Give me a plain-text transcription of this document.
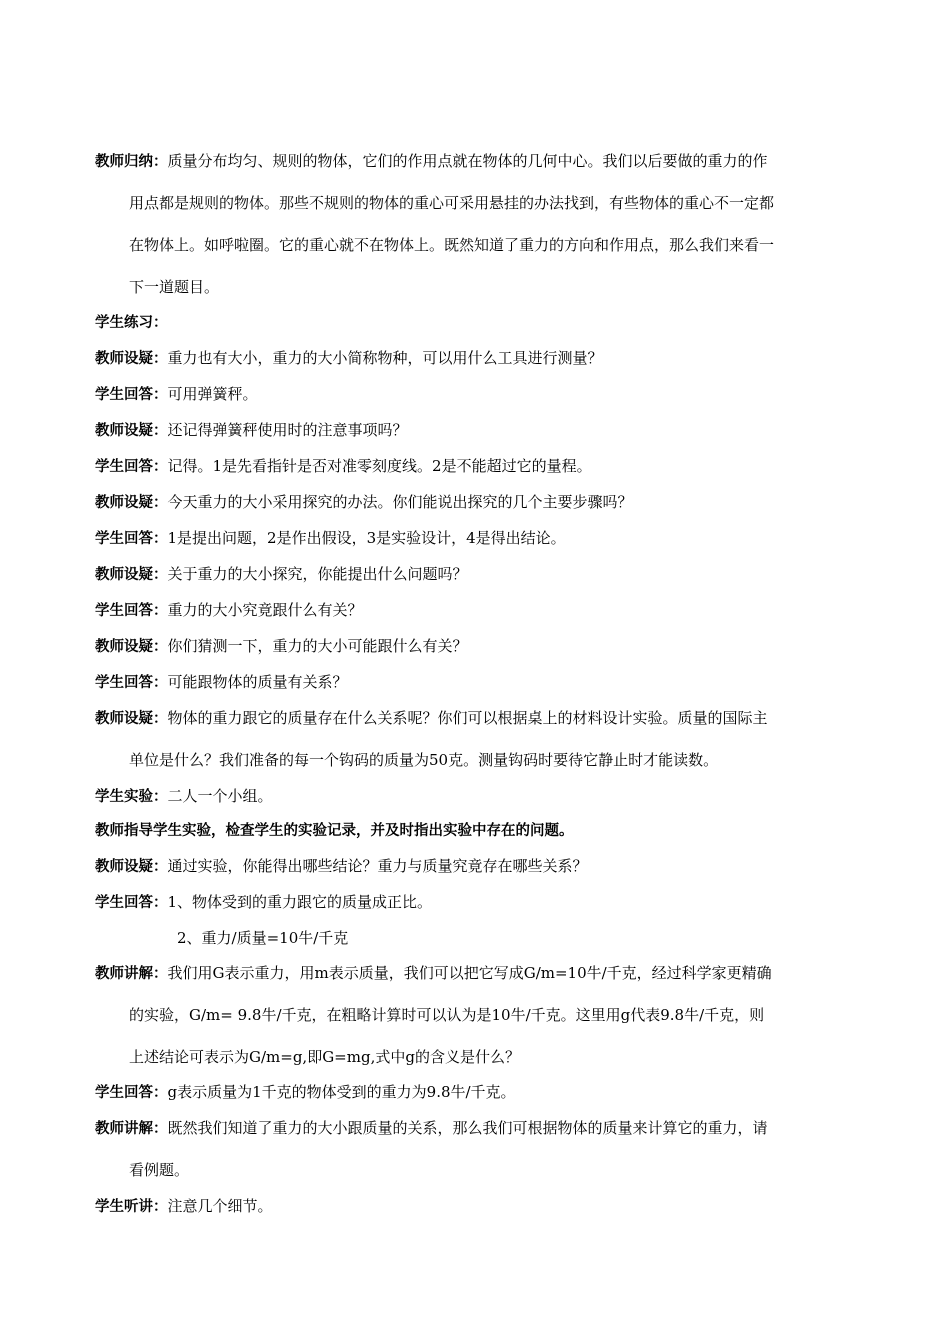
教师归纳：质量分布均匀、规则的物体，它们的作用点就在物体的几何中心。我们以后要做的重力的作
用点都是规则的物体。那些不规则的物体的重心可采用悬挂的办法找到，有些物体的重心不一定都
在物体上。如呼啦圈。它的重心就不在物体上。既然知道了重力的方向和作用点，那么我们来看一
下一道题目。
学生练习：
教师设疑：重力也有大小，重力的大小简称物种，可以用什么工具进行测量？
学生回答：可用弹簧秤。
教师设疑：还记得弹簧秤使用时的注意事项吗？
学生回答：记得。1是先看指针是否对准零刻度线。2是不能超过它的量程。
教师设疑：今天重力的大小采用探究的办法。你们能说出探究的几个主要步骤吗？
学生回答：1是提出问题，2是作出假设，3是实验设计，4是得出结论。
教师设疑：关于重力的大小探究，你能提出什么问题吗？
学生回答：重力的大小究竟跟什么有关？
教师设疑：你们猜测一下，重力的大小可能跟什么有关？
学生回答：可能跟物体的质量有关系？
教师设疑：物体的重力跟它的质量存在什么关系呢？你们可以根据桌上的材料设计实验。质量的国际主
单位是什么？我们准备的每一个钩码的质量为50克。测量钩码时要待它静止时才能读数。
学生实验：二人一个小组。
教师指导学生实验，检查学生的实验记录，并及时指出实验中存在的问题。
教师设疑：通过实验，你能得出哪些结论？重力与质量究竟存在哪些关系？
学生回答：1、物体受到的重力跟它的质量成正比。
2、重力/质量=10牛/千克
教师讲解：我们用G表示重力，用m表示质量，我们可以把它写成G/m=10牛/千克，经过科学家更精确
的实验，G/m= 9.8牛/千克，在粗略计算时可以认为是10牛/千克。这里用g代表9.8牛/千克，则
上述结论可表示为G/m=g,即G=mg,式中g的含义是什么？
学生回答：g表示质量为1千克的物体受到的重力为9.8牛/千克。
教师讲解：既然我们知道了重力的大小跟质量的关系，那么我们可根据物体的质量来计算它的重力，请
看例题。
学生听讲：注意几个细节。
